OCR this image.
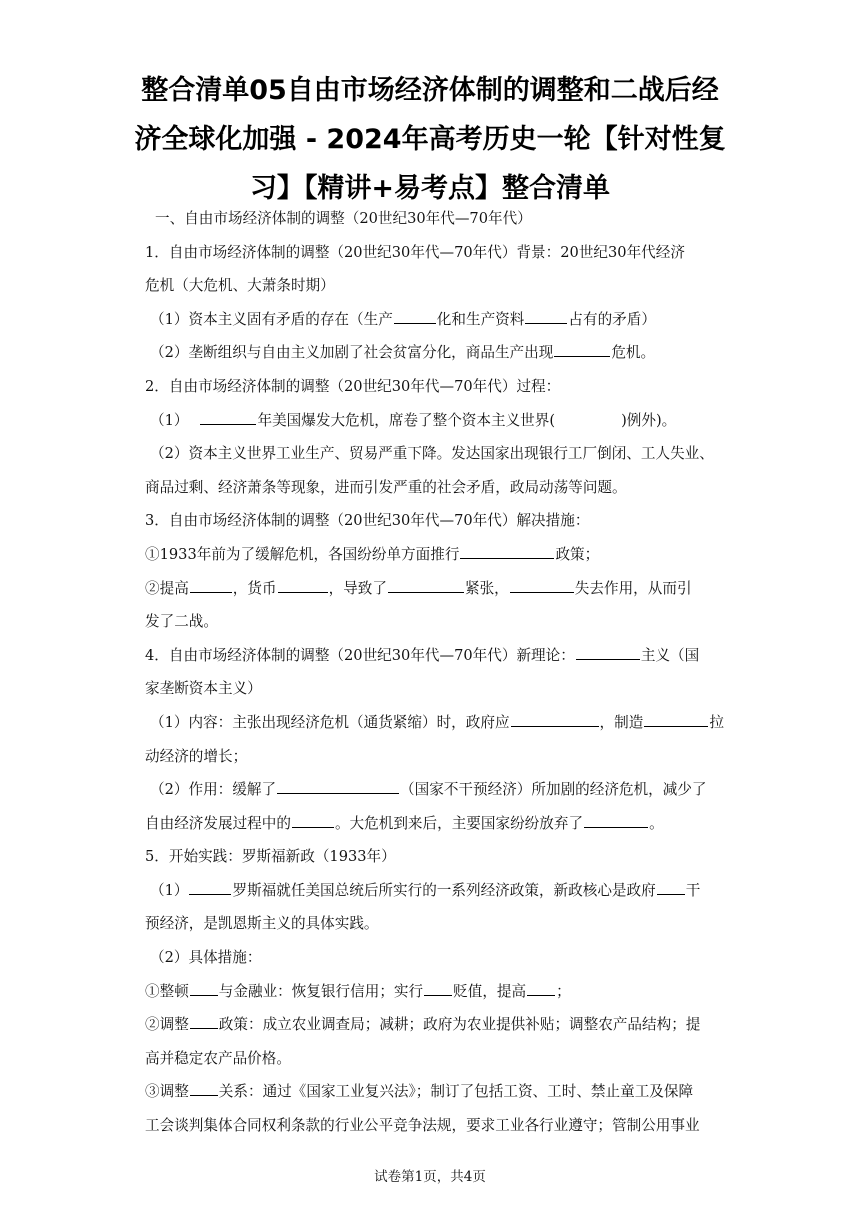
整合清单05自由市场经济体制的调整和二战后经
济全球化加强 - 2024年高考历史一轮【针对性复
习】【精讲+易考点】整合清单
一、自由市场经济体制的调整（20世纪30年代—70年代）
1．自由市场经济体制的调整（20世纪30年代—70年代）背景：20世纪30年代经济
危机（大危机、大萧条时期）
（1）资本主义固有矛盾的存在（生产	化和生产资料	占有的矛盾）
（2）垄断组织与自由主义加剧了社会贫富分化，商品生产出现	危机。
2．自由市场经济体制的调整（20世纪30年代—70年代）过程：
（1）	年美国爆发大危机，席卷了整个资本主义世界(	)例外)。
（2）资本主义世界工业生产、贸易严重下降。发达国家出现银行工厂倒闭、工人失业、
商品过剩、经济萧条等现象，进而引发严重的社会矛盾，政局动荡等问题。
3．自由市场经济体制的调整（20世纪30年代—70年代）解决措施：
①1933年前为了缓解危机，各国纷纷单方面推行	政策；
②提高	，货币	，导致了	紧张，	失去作用，从而引
发了二战。
4．自由市场经济体制的调整（20世纪30年代—70年代）新理论：	主义（国
家垄断资本主义）
（1）内容：主张出现经济危机（通货紧缩）时，政府应	，制造	拉
动经济的增长；
（2）作用：缓解了	（国家不干预经济）所加剧的经济危机，减少了
自由经济发展过程中的	。大危机到来后，主要国家纷纷放弃了	。
5．开始实践：罗斯福新政（1933年）
（1）	罗斯福就任美国总统后所实行的一系列经济政策，新政核心是政府 干
预经济，是凯恩斯主义的具体实践。
（2）具体措施：
①整顿 与金融业：恢复银行信用；实行 贬值，提高 ；
②调整 政策：成立农业调查局；减耕；政府为农业提供补贴；调整农产品结构；提
高并稳定农产品价格。
③调整 关系：通过《国家工业复兴法》；制订了包括工资、工时、禁止童工及保障
工会谈判集体合同权利条款的行业公平竞争法规，要求工业各行业遵守；管制公用事业
试卷第1页，共4页
